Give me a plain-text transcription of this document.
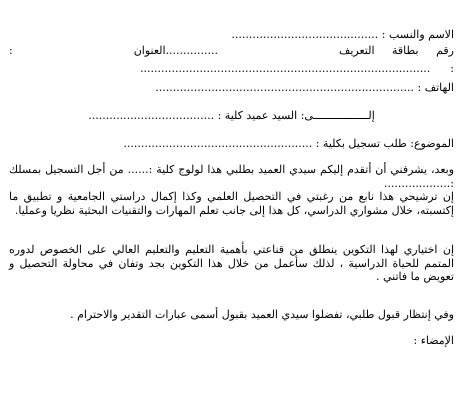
الاسم والنسب : ..........................................
رقم بطاقة التعريف
...............العنوان
:
:
...................................................................................
الهاتف : ..........................................................................
إلـــــــــــــــــى: السيد عميد كلية : ....................................
الموضوع: طلب تسجيل بكلية : ......................................................
وبعد، يشرفني أن أتقدم إليكم سيدي العميد بطلبي هذا لولوج كلية :...... من أجل التسجيل بمسلك :...................
إن ترشيحي هذا نابع من رغبتي في التحصيل العلمي وكذا إكمال دراستي الجامعية و تطبيق ما إكتسبته، خلال مشواري الدراسي، كل هذا إلى جانب تعلم المهارات والتقنيات البحثية نظريا وعمليا.
إن اختياري لهذا التكوين ينطلق من قناعتي بأهمية التعليم والتعليم العالي على الخصوص لدوره المتمم للحياة الدراسية ، لذلك سأعمل من خلال هذا التكوين بجد وتفان في محاولة التحصيل و تعويض ما فاتني .
وفي إنتظار قبول طلبي، تفضلوا سيدي العميد بقبول أسمى عبارات التقدير والاحترام .
الإمضاء :
